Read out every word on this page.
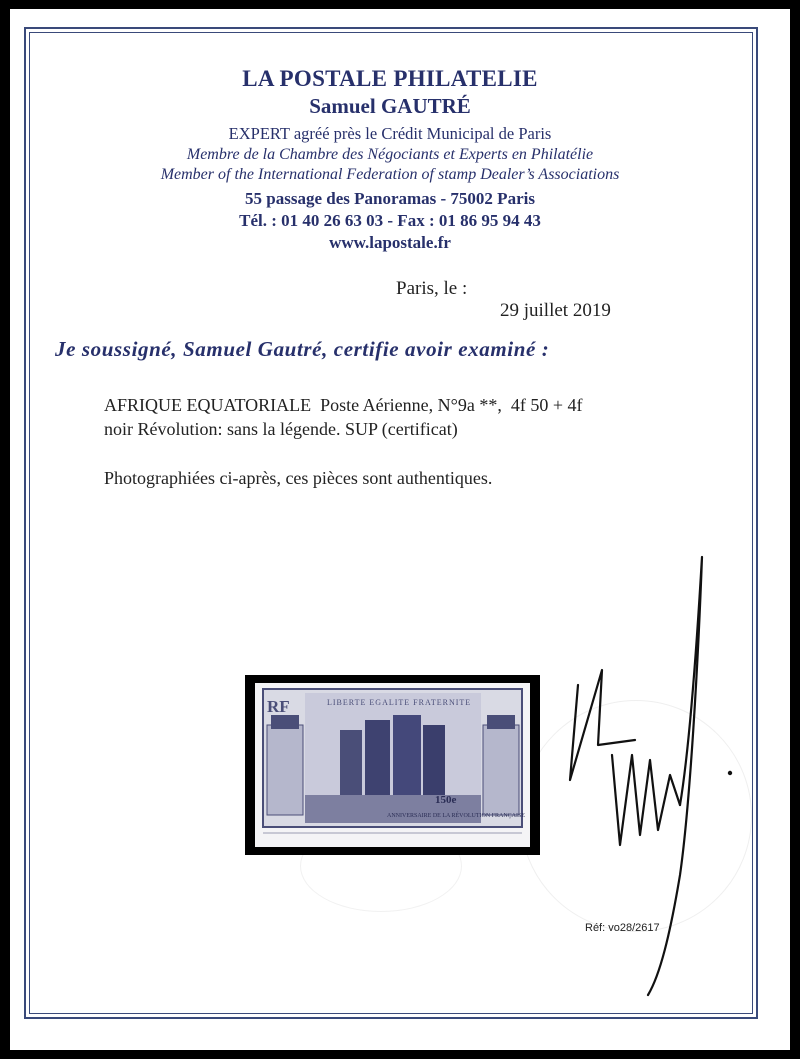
LA POSTALE PHILATELIE
Samuel GAUTRÉ
EXPERT agréé près le Crédit Municipal de Paris
Membre de la Chambre des Négociants et Experts en Philatélie
Member of the International Federation of stamp Dealer’s Associations
55 passage des Panoramas - 75002 Paris
Tél. : 01 40 26 63 03 - Fax : 01 86 95 94 43
www.lapostale.fr
Paris, le :
29 juillet 2019
Je soussigné, Samuel Gautré, certifie avoir examiné :
AFRIQUE EQUATORIALE  Poste Aérienne, N°9a **,  4f 50 + 4f
noir Révolution: sans la légende. SUP (certificat)
Photographiées ci-après, ces pièces sont authentiques.
RF	LIBERTE EGALITE FRATERNITE
150e
ANNIVERSAIRE DE LA RÉVOLUTION FRANÇAISE
Réf: vo28/2617
